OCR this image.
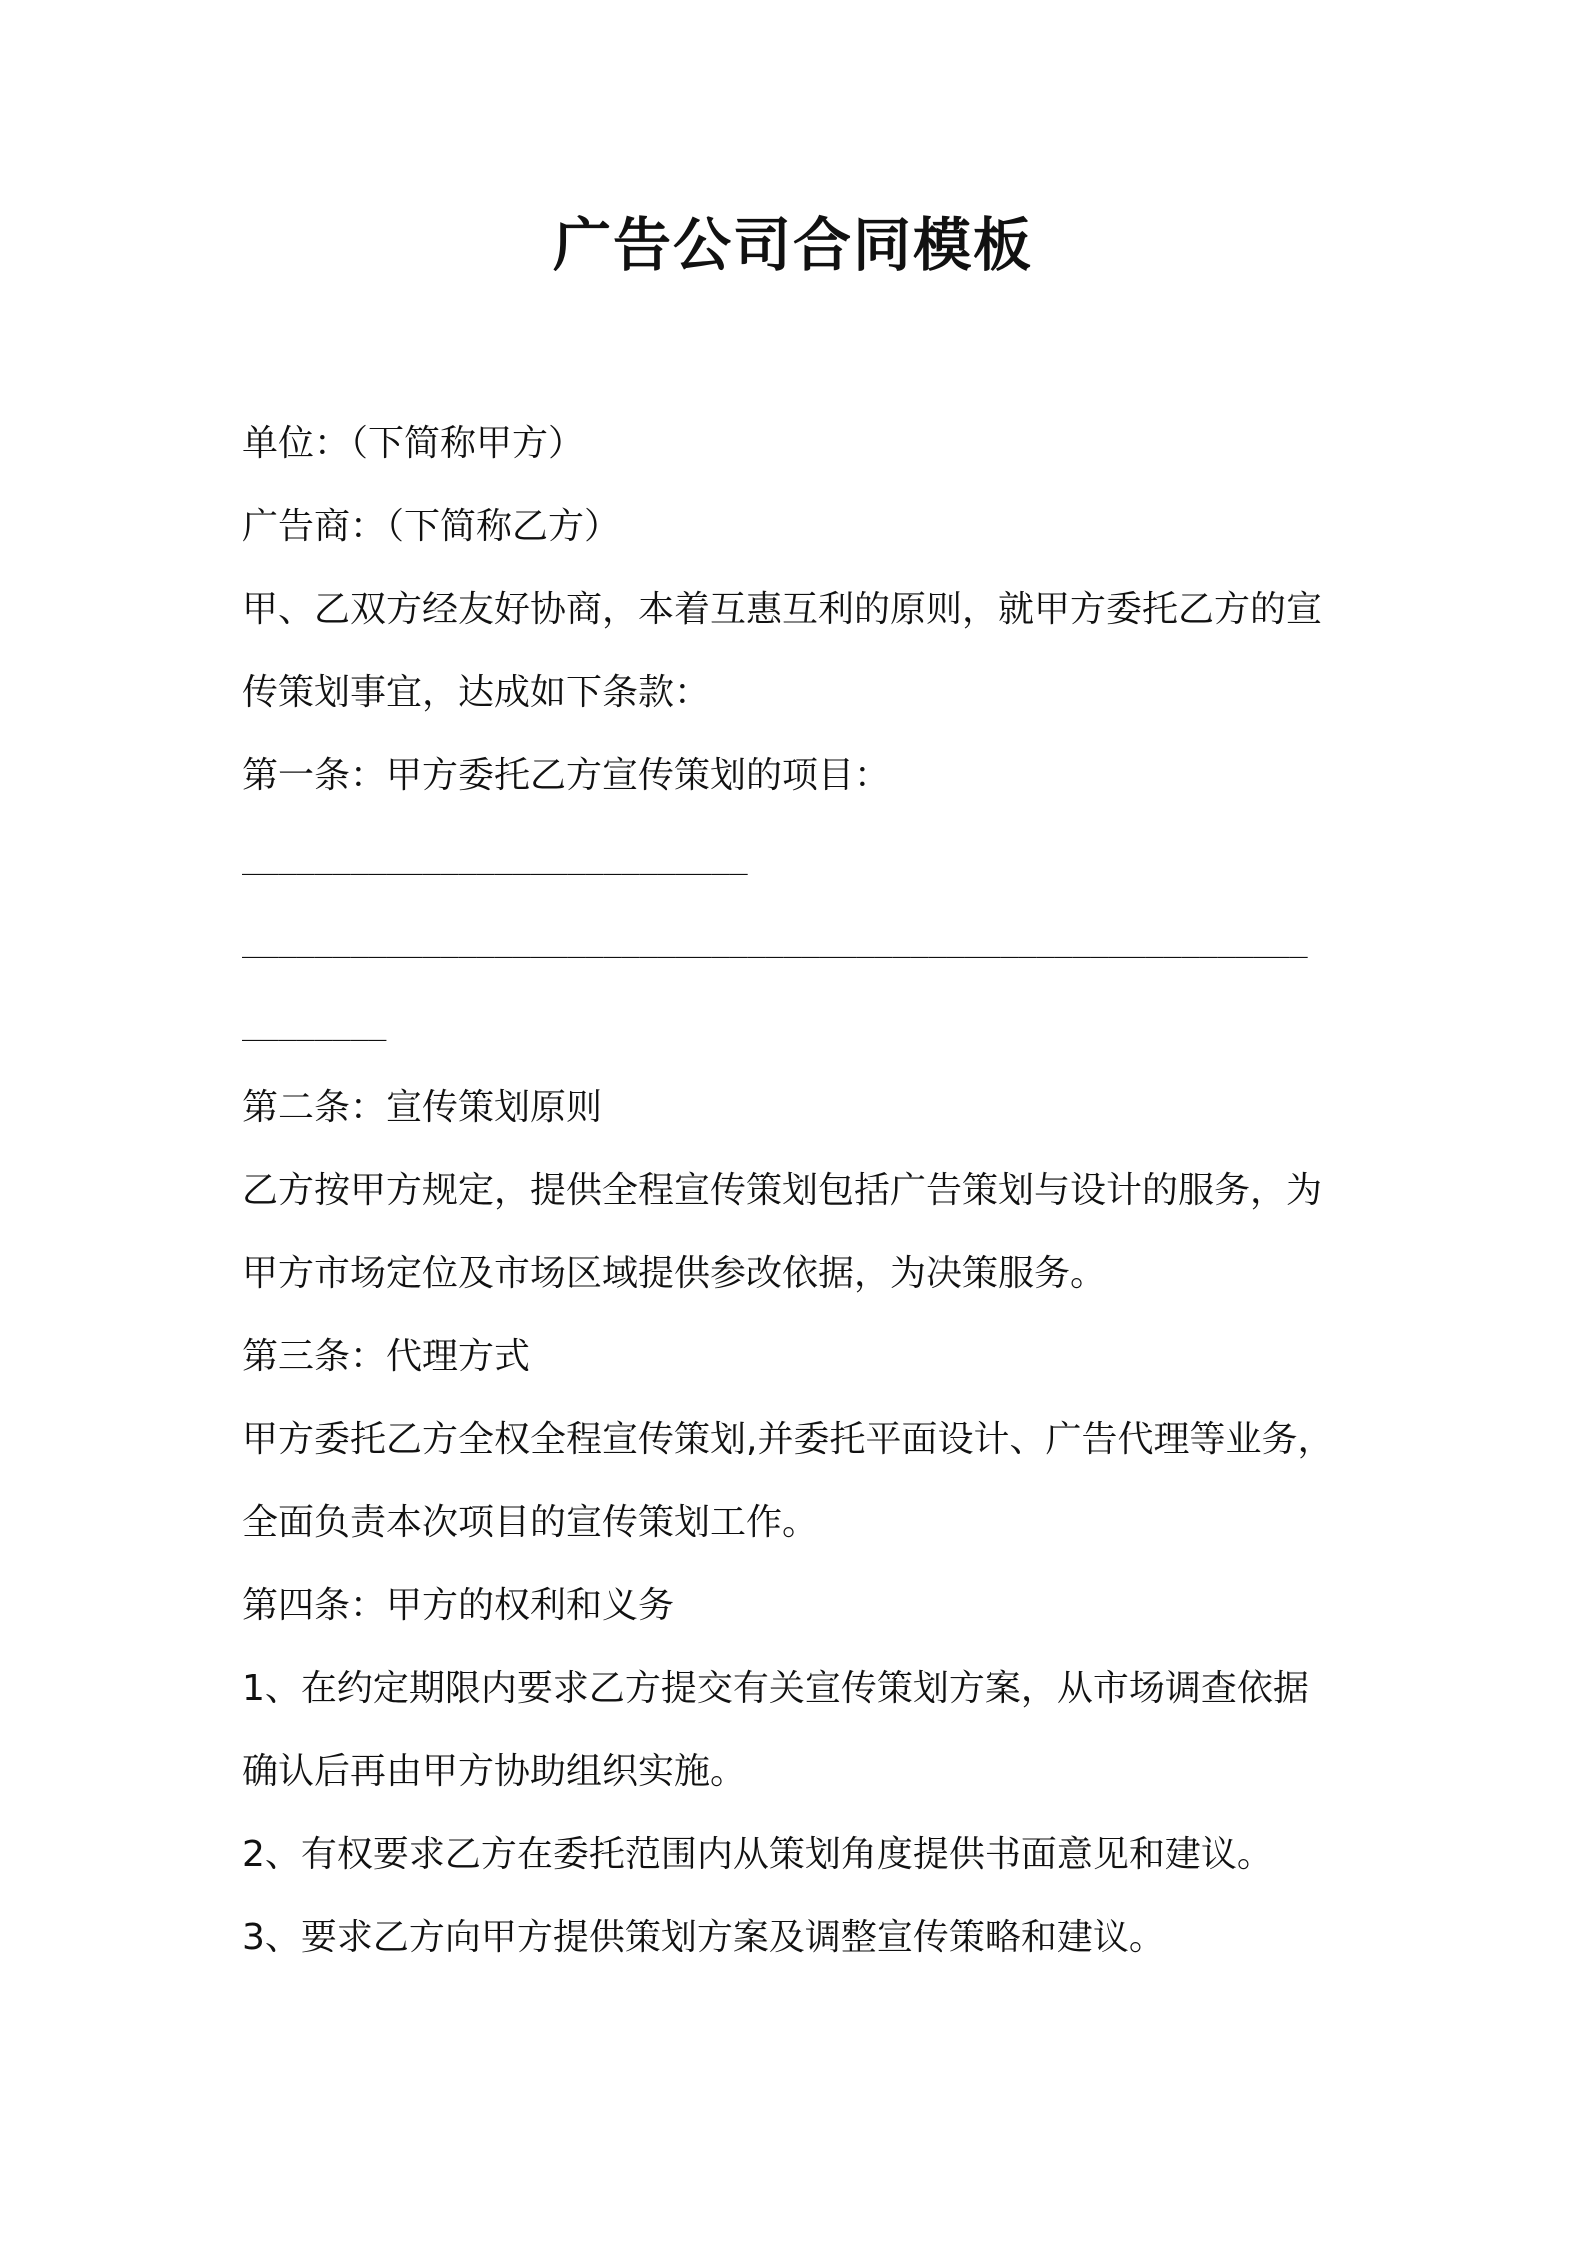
广告公司合同模板

单位：（下简称甲方）

广告商：（下简称乙方）

甲、乙双方经友好协商，本着互惠互利的原则，就甲方委托乙方的宣

传策划事宜，达成如下条款：

第一条：甲方委托乙方宣传策划的项目：

____________________________

___________________________________________________________

________

第二条：宣传策划原则

乙方按甲方规定，提供全程宣传策划包括广告策划与设计的服务，为

甲方市场定位及市场区域提供参改依据，为决策服务。

第三条：代理方式

甲方委托乙方全权全程宣传策划,并委托平面设计、广告代理等业务，

全面负责本次项目的宣传策划工作。

第四条：甲方的权利和义务

1、在约定期限内要求乙方提交有关宣传策划方案，从市场调查依据

确认后再由甲方协助组织实施。

2、有权要求乙方在委托范围内从策划角度提供书面意见和建议。

3、要求乙方向甲方提供策划方案及调整宣传策略和建议。
